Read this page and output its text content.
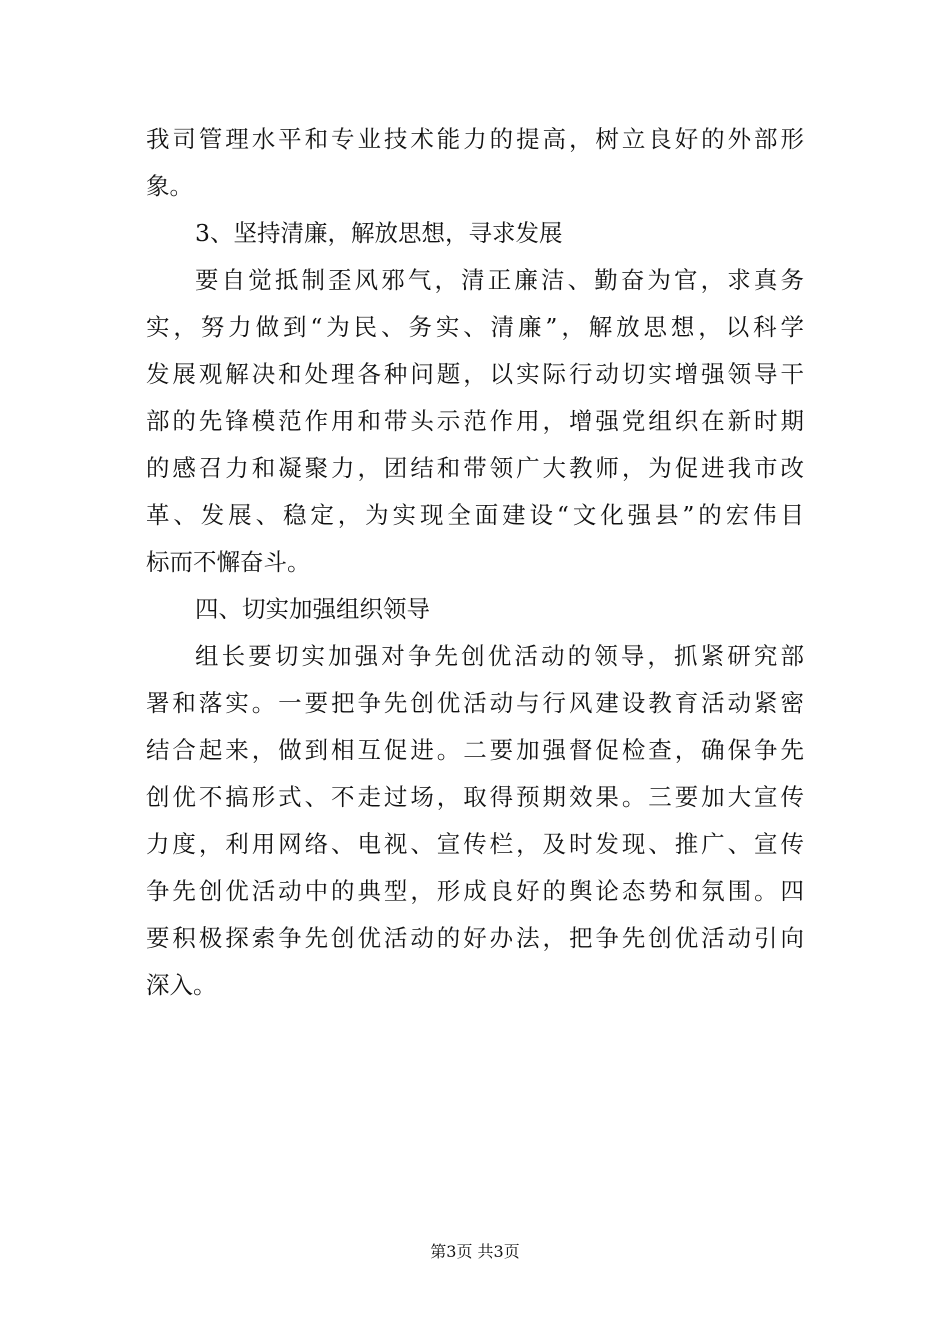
我司管理水平和专业技术能力的提高，树立良好的外部形
象。
3、坚持清廉，解放思想，寻求发展
要自觉抵制歪风邪气，清正廉洁、勤奋为官，求真务
实，努力做到“为民、务实、清廉”，解放思想，以科学
发展观解决和处理各种问题，以实际行动切实增强领导干
部的先锋模范作用和带头示范作用，增强党组织在新时期
的感召力和凝聚力，团结和带领广大教师，为促进我市改
革、发展、稳定，为实现全面建设“文化强县”的宏伟目
标而不懈奋斗。
四、切实加强组织领导
组长要切实加强对争先创优活动的领导，抓紧研究部
署和落实。一要把争先创优活动与行风建设教育活动紧密
结合起来，做到相互促进。二要加强督促检查，确保争先
创优不搞形式、不走过场，取得预期效果。三要加大宣传
力度，利用网络、电视、宣传栏，及时发现、推广、宣传
争先创优活动中的典型，形成良好的舆论态势和氛围。四
要积极探索争先创优活动的好办法，把争先创优活动引向
深入。
第3页 共3页
